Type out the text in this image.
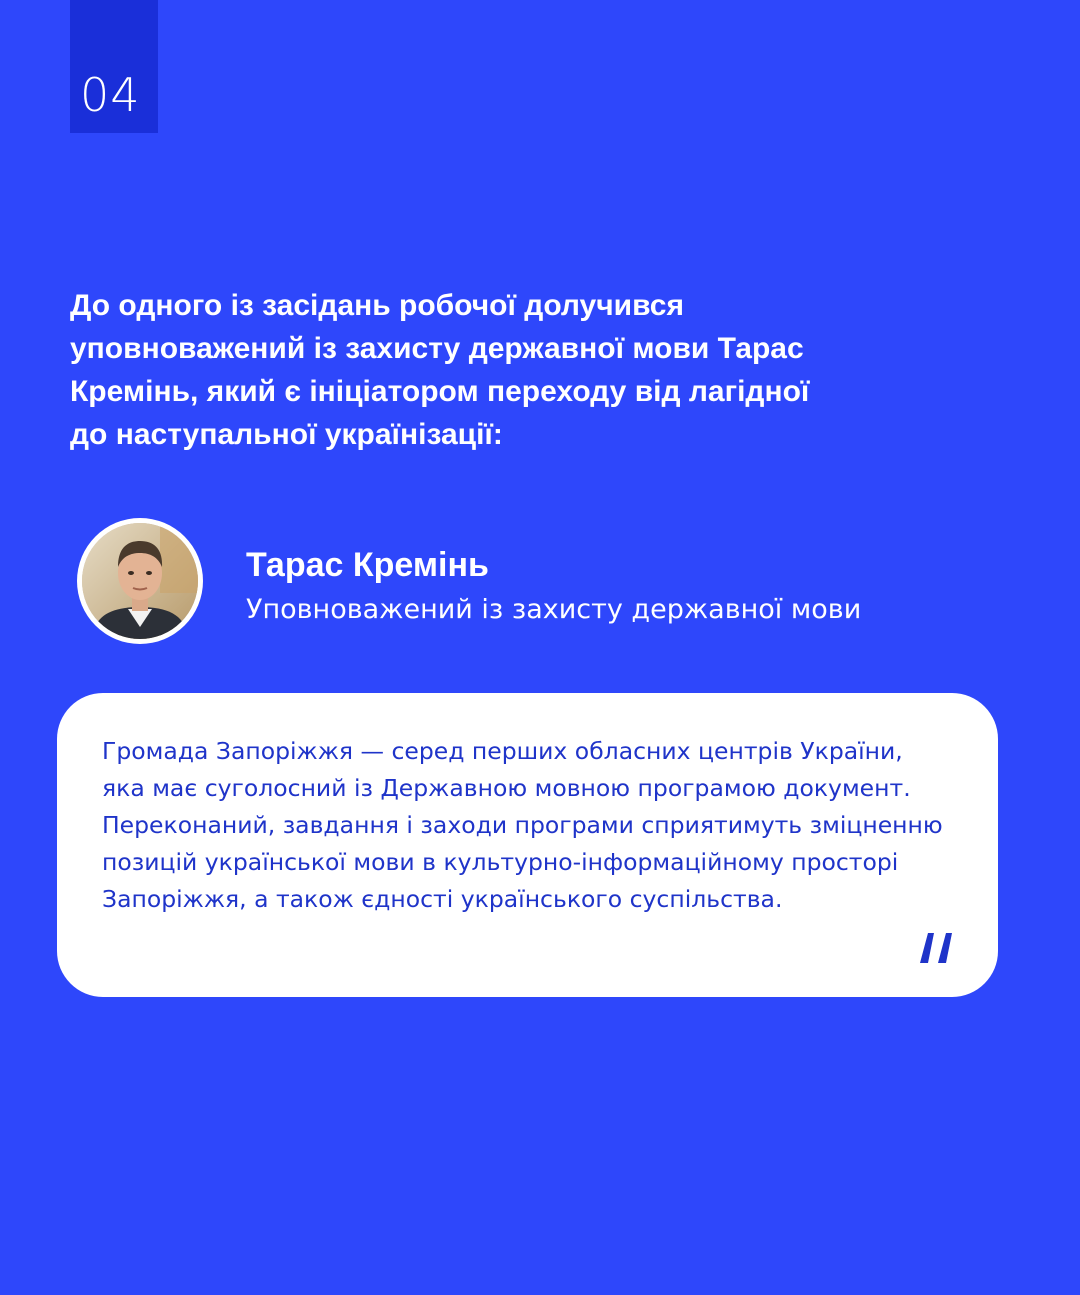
04

До одного із засідань робочої долучився уповноважений із захисту державної мови Тарас Кремінь, який є ініціатором переходу від лагідної до наступальної українізації:

Тарас Кремінь
Уповноважений із захисту державної мови

Громада Запоріжжя — серед перших обласних центрів України, яка має суголосний із Державною мовною програмою документ. Переконаний, завдання і заходи програми сприятимуть зміцненню позицій української мови в культурно-інформаційному просторі Запоріжжя, а також єдності українського суспільства.
